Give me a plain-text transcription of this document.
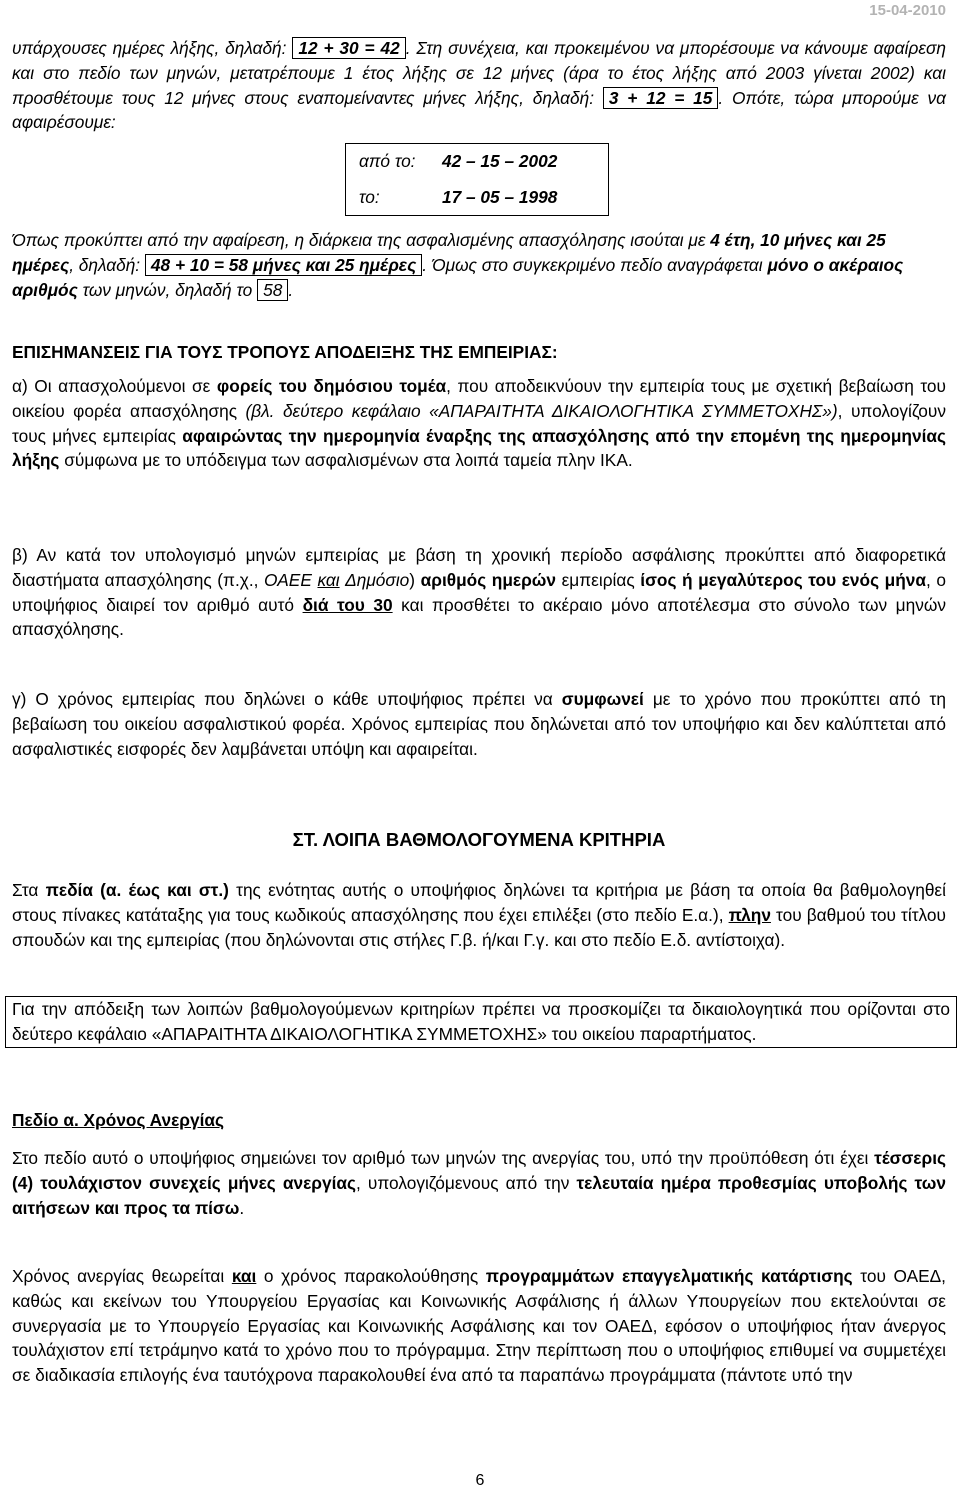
15-04-2010
υπάρχουσες ημέρες λήξης, δηλαδή: 12 + 30 = 42 . Στη συνέχεια, και προκειμένου να μπορέσουμε να κάνουμε αφαίρεση και στο πεδίο των μηνών, μετατρέπουμε 1 έτος λήξης σε 12 μήνες (άρα το έτος λήξης από 2003 γίνεται 2002) και προσθέτουμε τους 12 μήνες στους εναπομείναντες μήνες λήξης, δηλαδή: 3 + 12 = 15 . Οπότε, τώρα μπορούμε να αφαιρέσουμε:
από το: 42 – 15 – 2002
το:	17 – 05 – 1998
Όπως προκύπτει από την αφαίρεση, η διάρκεια της ασφαλισμένης απασχόλησης ισούται με 4 έτη, 10 μήνες και 25 ημέρες, δηλαδή: 48 + 10 = 58 μήνες και 25 ημέρες . Όμως στο συγκεκριμένο πεδίο αναγράφεται μόνο ο ακέραιος αριθμός των μηνών, δηλαδή το 58 .
ΕΠΙΣΗΜΑΝΣΕΙΣ ΓΙΑ ΤΟΥΣ ΤΡΟΠΟΥΣ ΑΠΟΔΕΙΞΗΣ ΤΗΣ ΕΜΠΕΙΡΙΑΣ:
α) Οι απασχολούμενοι σε φορείς του δημόσιου τομέα, που αποδεικνύουν την εμπειρία τους με σχετική βεβαίωση του οικείου φορέα απασχόλησης (βλ. δεύτερο κεφάλαιο «ΑΠΑΡΑΙΤΗΤΑ ΔΙΚΑΙΟΛΟΓΗΤΙΚΑ ΣΥΜΜΕΤΟΧΗΣ»), υπολογίζουν τους μήνες εμπειρίας αφαιρώντας την ημερομηνία έναρξης της απασχόλησης από την επομένη της ημερομηνίας λήξης σύμφωνα με το υπόδειγμα των ασφαλισμένων στα λοιπά ταμεία πλην ΙΚΑ.
β) Αν κατά τον υπολογισμό μηνών εμπειρίας με βάση τη χρονική περίοδο ασφάλισης προκύπτει από διαφορετικά διαστήματα απασχόλησης (π.χ., ΟΑΕΕ και Δημόσιο) αριθμός ημερών εμπειρίας ίσος ή μεγαλύτερος του ενός μήνα, ο υποψήφιος διαιρεί τον αριθμό αυτό διά του 30 και προσθέτει το ακέραιο μόνο αποτέλεσμα στο σύνολο των μηνών απασχόλησης.
γ) Ο χρόνος εμπειρίας που δηλώνει ο κάθε υποψήφιος πρέπει να συμφωνεί με το χρόνο που προκύπτει από τη βεβαίωση του οικείου ασφαλιστικού φορέα. Χρόνος εμπειρίας που δηλώνεται από τον υποψήφιο και δεν καλύπτεται από ασφαλιστικές εισφορές δεν λαμβάνεται υπόψη και αφαιρείται.
ΣΤ. ΛΟΙΠΑ ΒΑΘΜΟΛΟΓΟΥΜΕΝΑ ΚΡΙΤΗΡΙΑ
Στα πεδία (α. έως και στ.) της ενότητας αυτής ο υποψήφιος δηλώνει τα κριτήρια με βάση τα οποία θα βαθμολογηθεί στους πίνακες κατάταξης για τους κωδικούς απασχόλησης που έχει επιλέξει (στο πεδίο Ε.α.), πλην του βαθμού του τίτλου σπουδών και της εμπειρίας (που δηλώνονται στις στήλες Γ.β. ή/και Γ.γ. και στο πεδίο Ε.δ. αντίστοιχα).
Για την απόδειξη των λοιπών βαθμολογούμενων κριτηρίων πρέπει να προσκομίζει τα δικαιολογητικά που ορίζονται στο δεύτερο κεφάλαιο «ΑΠΑΡΑΙΤΗΤΑ ΔΙΚΑΙΟΛΟΓΗΤΙΚΑ ΣΥΜΜΕΤΟΧΗΣ» του οικείου παραρτήματος.
Πεδίο α. Χρόνος Ανεργίας
Στο πεδίο αυτό ο υποψήφιος σημειώνει τον αριθμό των μηνών της ανεργίας του, υπό την προϋπόθεση ότι έχει τέσσερις (4) τουλάχιστον συνεχείς μήνες ανεργίας, υπολογιζόμενους από την τελευταία ημέρα προθεσμίας υποβολής των αιτήσεων και προς τα πίσω.
Χρόνος ανεργίας θεωρείται και ο χρόνος παρακολούθησης προγραμμάτων επαγγελματικής κατάρτισης του ΟΑΕΔ, καθώς και εκείνων του Υπουργείου Εργασίας και Κοινωνικής Ασφάλισης ή άλλων Υπουργείων που εκτελούνται σε συνεργασία με το Υπουργείο Εργασίας και Κοινωνικής Ασφάλισης και τον ΟΑΕΔ, εφόσον ο υποψήφιος ήταν άνεργος τουλάχιστον επί τετράμηνο κατά το χρόνο που το πρόγραμμα. Στην περίπτωση που ο υποψήφιος επιθυμεί να συμμετέχει σε διαδικασία επιλογής ένα ταυτόχρονα παρακολουθεί ένα από τα παραπάνω προγράμματα (πάντοτε υπό την
6
